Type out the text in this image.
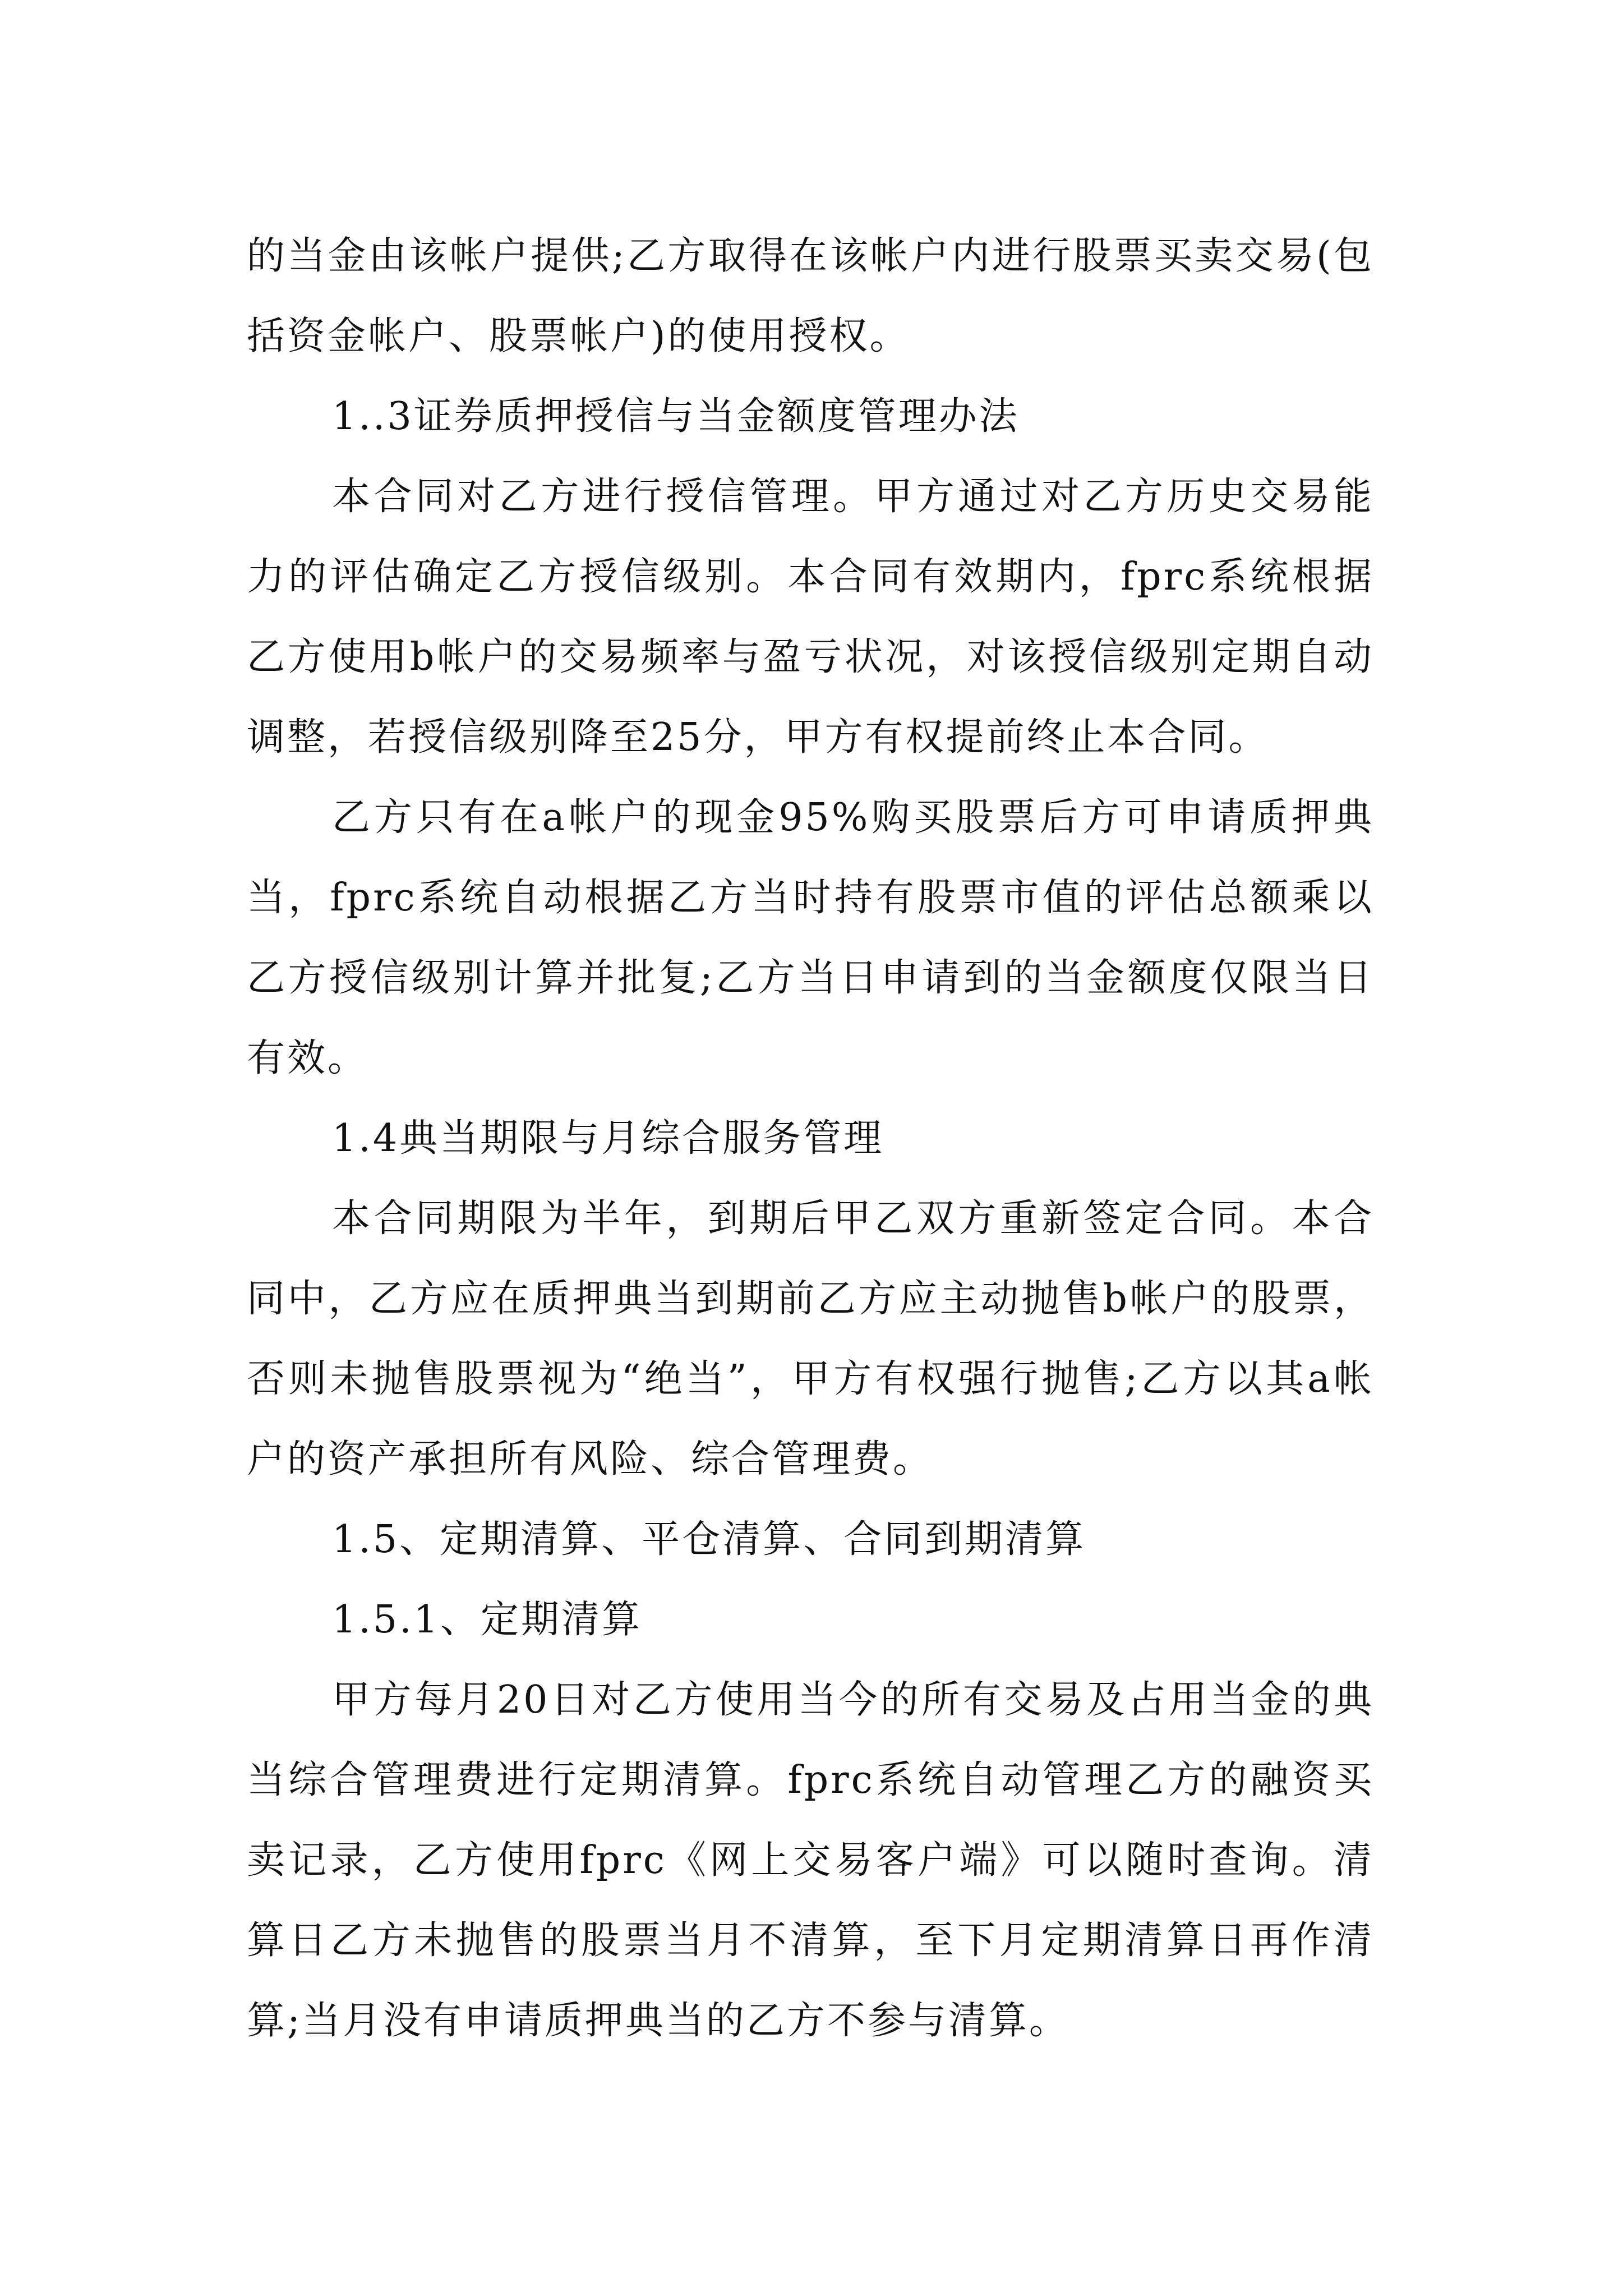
的当金由该帐户提供;乙方取得在该帐户内进行股票买卖交易(包括资金帐户、股票帐户)的使用授权。

1..3证券质押授信与当金额度管理办法

本合同对乙方进行授信管理。甲方通过对乙方历史交易能力的评估确定乙方授信级别。本合同有效期内，fprc系统根据乙方使用b帐户的交易频率与盈亏状况，对该授信级别定期自动调整，若授信级别降至25分，甲方有权提前终止本合同。

乙方只有在a帐户的现金95%购买股票后方可申请质押典当，fprc系统自动根据乙方当时持有股票市值的评估总额乘以乙方授信级别计算并批复;乙方当日申请到的当金额度仅限当日有效。

1.4典当期限与月综合服务管理

本合同期限为半年，到期后甲乙双方重新签定合同。本合同中，乙方应在质押典当到期前乙方应主动抛售b帐户的股票，否则未抛售股票视为“绝当”，甲方有权强行抛售;乙方以其a帐户的资产承担所有风险、综合管理费。

1.5、定期清算、平仓清算、合同到期清算

1.5.1、定期清算

甲方每月20日对乙方使用当今的所有交易及占用当金的典当综合管理费进行定期清算。fprc系统自动管理乙方的融资买卖记录，乙方使用fprc《网上交易客户端》可以随时查询。清算日乙方未抛售的股票当月不清算，至下月定期清算日再作清算;当月没有申请质押典当的乙方不参与清算。
